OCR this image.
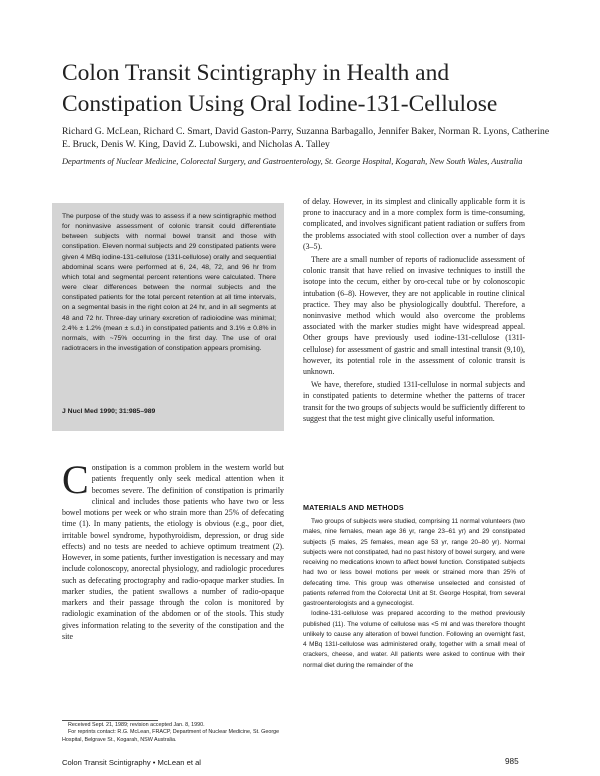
Colon Transit Scintigraphy in Health and Constipation Using Oral Iodine-131-Cellulose
Richard G. McLean, Richard C. Smart, David Gaston-Parry, Suzanna Barbagallo, Jennifer Baker, Norman R. Lyons, Catherine E. Bruck, Denis W. King, David Z. Lubowski, and Nicholas A. Talley
Departments of Nuclear Medicine, Colorectal Surgery, and Gastroenterology, St. George Hospital, Kogarah, New South Wales, Australia

The purpose of the study was to assess if a new scintigraphic method for noninvasive assessment of colonic transit could differentiate between subjects with normal bowel transit and those with constipation. Eleven normal subjects and 29 constipated patients were given 4 MBq iodine-131-cellulose (131I-cellulose) orally and sequential abdominal scans were performed at 6, 24, 48, 72, and 96 hr from which total and segmental percent retentions were calculated. There were clear differences between the normal subjects and the constipated patients for the total percent retention at all time intervals, on a segmental basis in the right colon at 24 hr, and in all segments at 48 and 72 hr. Three-day urinary excretion of radioiodine was minimal; 2.4% ± 1.2% (mean ± s.d.) in constipated patients and 3.1% ± 0.8% in normals, with ~75% occurring in the first day. The use of oral radiotracers in the investigation of constipation appears promising.

J Nucl Med 1990; 31:985–989

Constipation is a common problem in the western world but patients frequently only seek medical attention when it becomes severe. The definition of constipation is primarily clinical and includes those patients who have two or less bowel motions per week or who strain more than 25% of defecating time (1). In many patients, the etiology is obvious (e.g., poor diet, irritable bowel syndrome, hypothyroidism, depression, or drug side effects) and no tests are needed to achieve optimum treatment (2). However, in some patients, further investigation is necessary and may include colonoscopy, anorectal physiology, and radiologic procedures such as defecating proctography and radio-opaque marker studies. In marker studies, the patient swallows a number of radio-opaque markers and their passage through the colon is monitored by radiologic examination of the abdomen or of the stools. This study gives information relating to the severity of the constipation and the site

Received Sept. 21, 1989; revision accepted Jan. 8, 1990.

For reprints contact: R.G. McLean, FRACP, Department of Nuclear Medicine, St. George Hospital, Belgrave St., Kogarah, NSW Australia.

of delay. However, in its simplest and clinically applicable form it is prone to inaccuracy and in a more complex form is time-consuming, complicated, and involves significant patient radiation or suffers from the problems associated with stool collection over a number of days (3–5).

There are a small number of reports of radionuclide assessment of colonic transit that have relied on invasive techniques to instill the isotope into the cecum, either by oro-cecal tube or by colonoscopic intubation (6–8). However, they are not applicable in routine clinical practice. They may also be physiologically doubtful. Therefore, a noninvasive method which would also overcome the problems associated with the marker studies might have widespread appeal. Other groups have previously used iodine-131-cellulose (131I-cellulose) for assessment of gastric and small intestinal transit (9,10), however, its potential role in the assessment of colonic transit is unknown.

We have, therefore, studied 131I-cellulose in normal subjects and in constipated patients to determine whether the patterns of tracer transit for the two groups of subjects would be sufficiently different to suggest that the test might give clinically useful information.

MATERIALS AND METHODS

Two groups of subjects were studied, comprising 11 normal volunteers (two males, nine females, mean age 36 yr, range 23–61 yr) and 29 constipated subjects (5 males, 25 females, mean age 53 yr, range 20–80 yr). Normal subjects were not constipated, had no past history of bowel surgery, and were receiving no medications known to affect bowel function. Constipated subjects had two or less bowel motions per week or strained more than 25% of defecating time. This group was otherwise unselected and consisted of patients referred from the Colorectal Unit at St. George Hospital, from several gastroenterologists and a gynecologist.

Iodine-131-cellulose was prepared according to the method previously published (11). The volume of cellulose was <5 ml and was therefore thought unlikely to cause any alteration of bowel function. Following an overnight fast, 4 MBq 131I-cellulose was administered orally, together with a small meal of crackers, cheese, and water. All patients were asked to continue with their normal diet during the remainder of the

Colon Transit Scintigraphy • McLean et al	985
